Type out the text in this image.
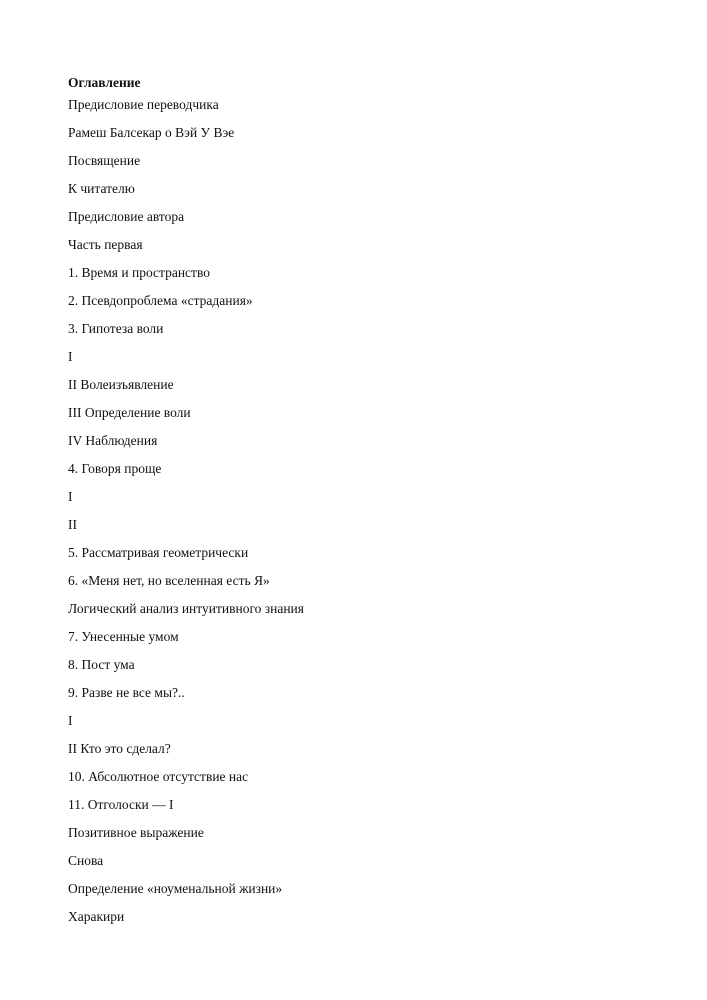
Оглавление
Предисловие переводчика
Рамеш Балсекар о Вэй У Вэе
Посвящение
К читателю
Предисловие автора
Часть первая
1. Время и пространство
2. Псевдопроблема «страдания»
3. Гипотеза воли
I
II Волеизъявление
III Определение воли
IV Наблюдения
4. Говоря проще
I
II
5. Рассматривая геометрически
6. «Меня нет, но вселенная есть Я»
Логический анализ интуитивного знания
7. Унесенные умом
8. Пост ума
9. Разве не все мы?..
I
II Кто это сделал?
10. Абсолютное отсутствие нас
11. Отголоски — I
Позитивное выражение
Снова
Определение «ноуменальной жизни»
Харакири
